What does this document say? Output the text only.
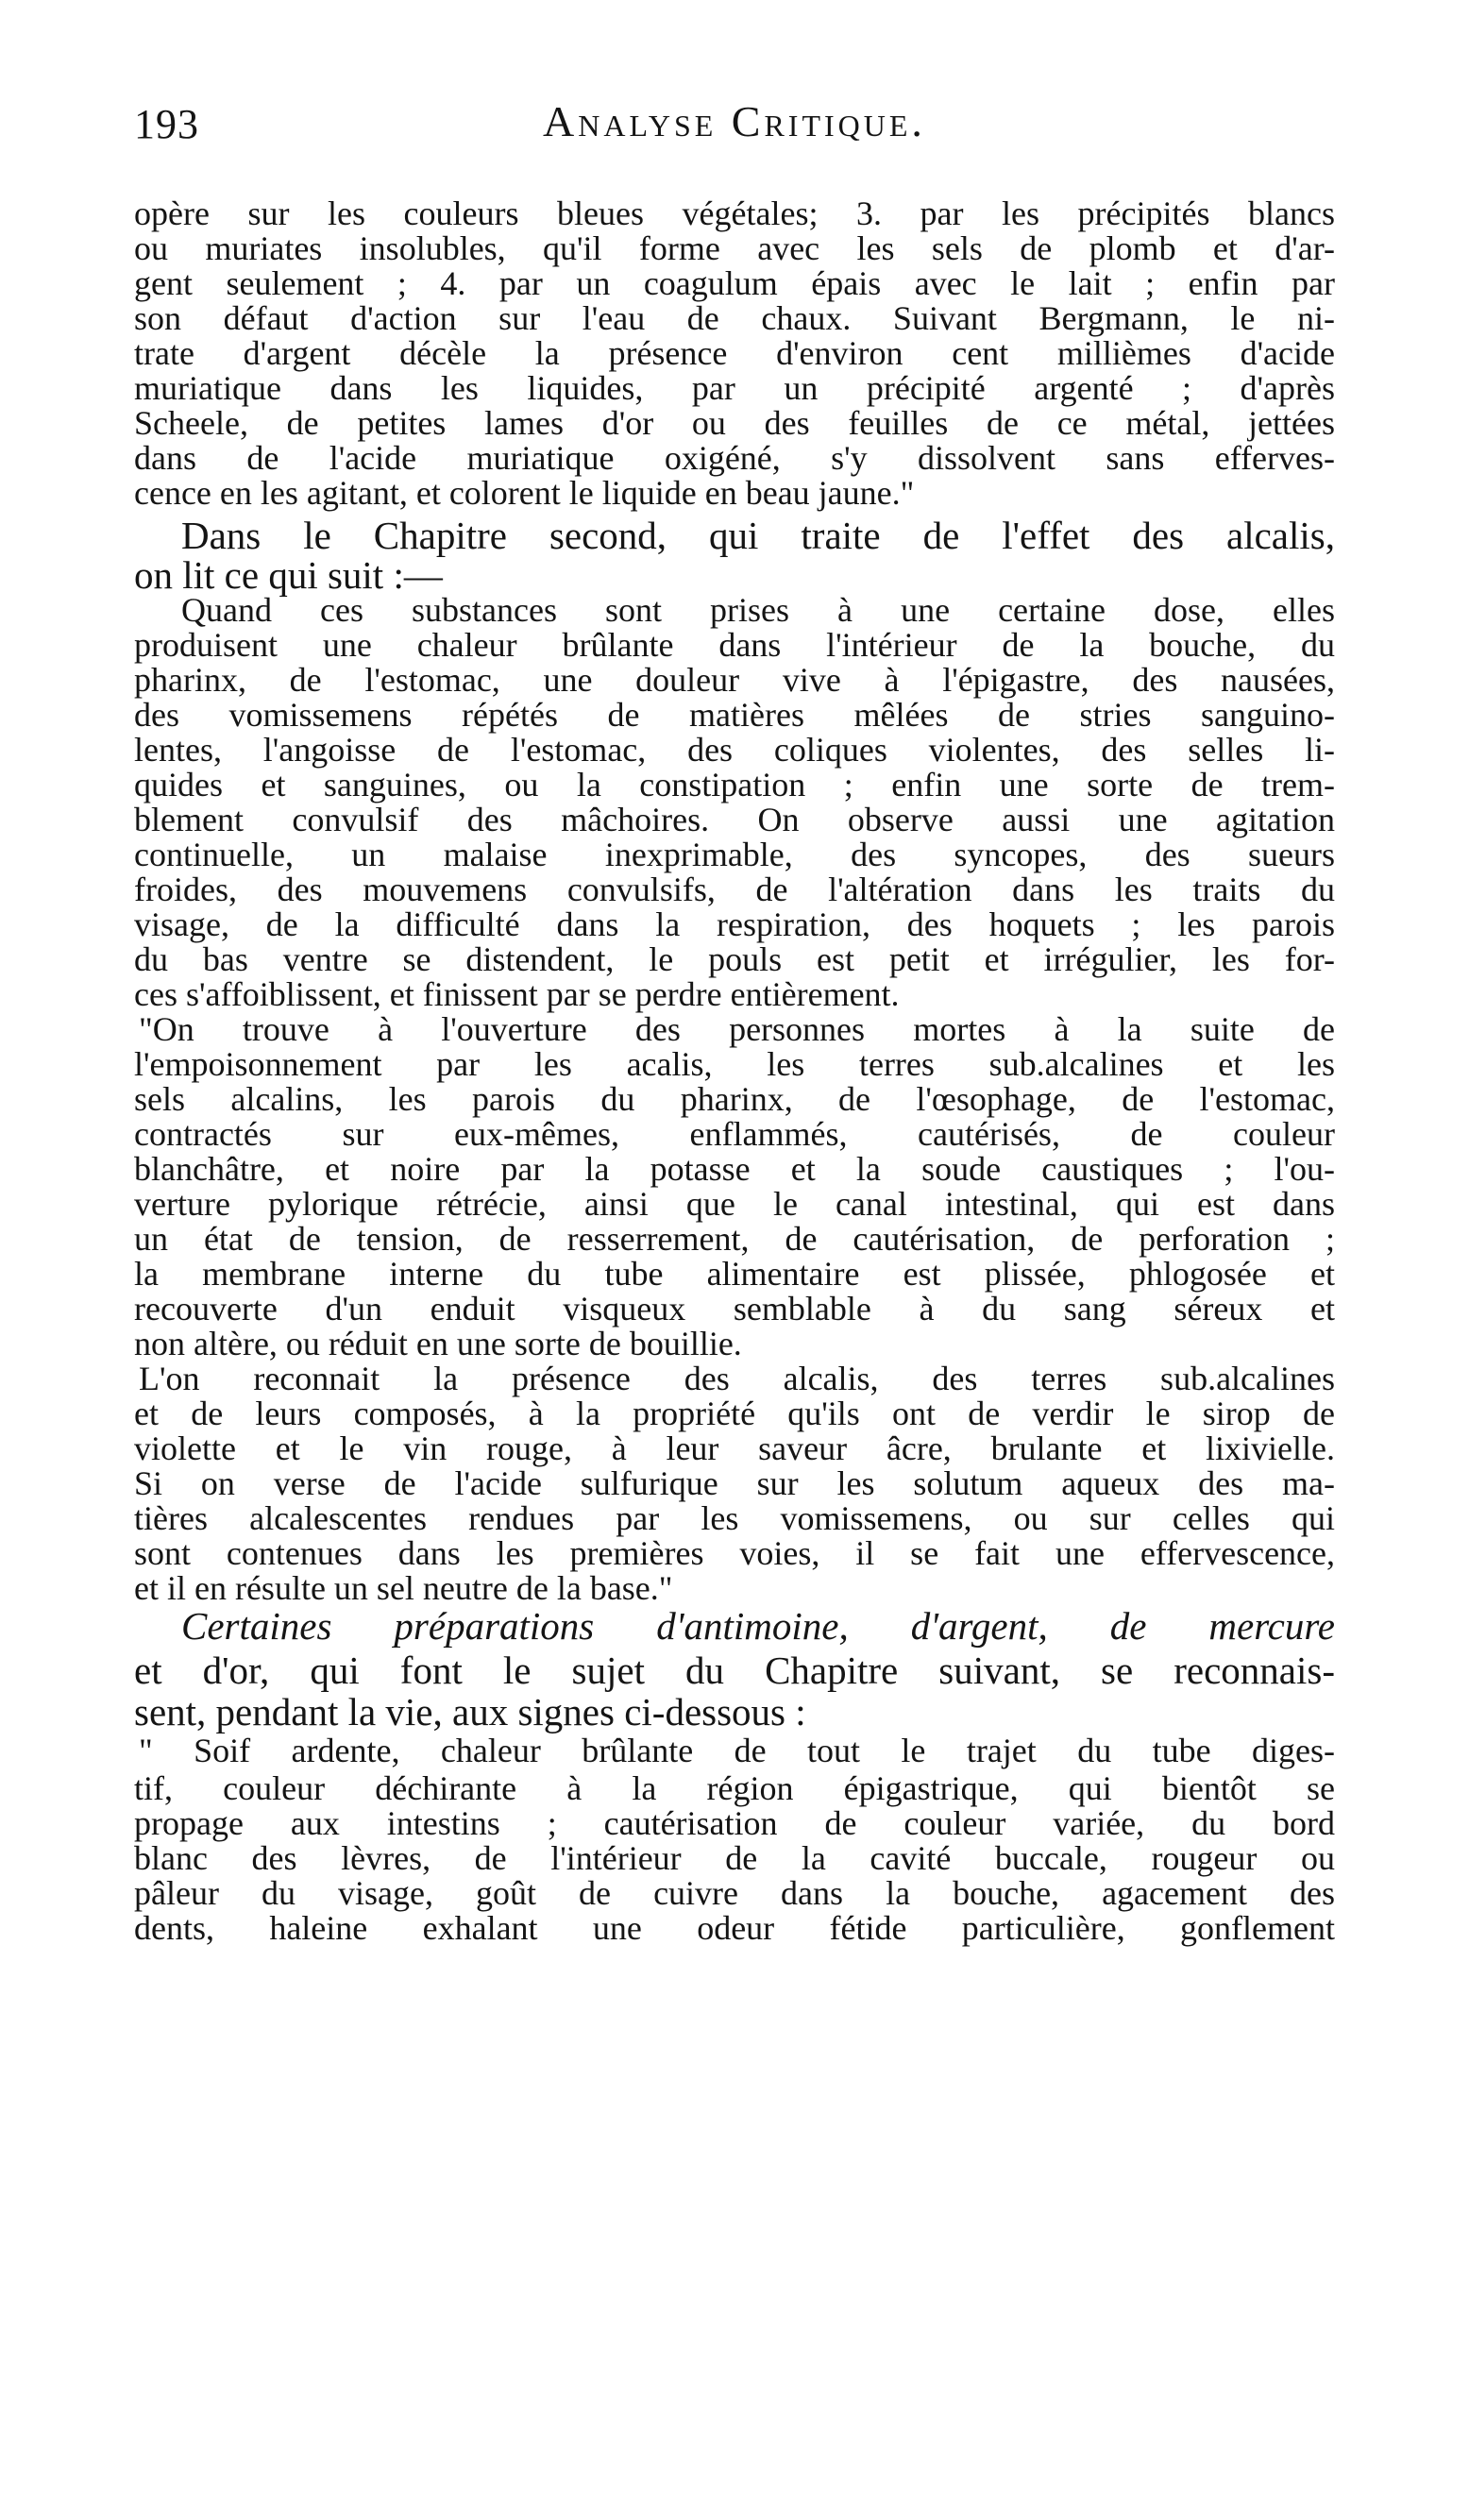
193	Analyse Critique.
opère sur les couleurs bleues végétales; 3. par les précipités blancs
ou muriates insolubles, qu'il forme avec les sels de plomb et d'ar-
gent seulement ; 4. par un coagulum épais avec le lait ; enfin par
son défaut d'action sur l'eau de chaux. Suivant Bergmann, le ni-
trate d'argent décèle la présence d'environ cent millièmes d'acide
muriatique dans les liquides, par un précipité argenté ; d'après
Scheele, de petites lames d'or ou des feuilles de ce métal, jettées
dans de l'acide muriatique oxigéné, s'y dissolvent sans efferves-
cence en les agitant, et colorent le liquide en beau jaune."
Dans le Chapitre second, qui traite de l'effet des alcalis,
on lit ce qui suit :—
Quand ces substances sont prises à une certaine dose, elles
produisent une chaleur brûlante dans l'intérieur de la bouche, du
pharinx, de l'estomac, une douleur vive à l'épigastre, des nausées,
des vomissemens répétés de matières mêlées de stries sanguino-
lentes, l'angoisse de l'estomac, des coliques violentes, des selles li-
quides et sanguines, ou la constipation ; enfin une sorte de trem-
blement convulsif des mâchoires. On observe aussi une agitation
continuelle, un malaise inexprimable, des syncopes, des sueurs
froides, des mouvemens convulsifs, de l'altération dans les traits du
visage, de la difficulté dans la respiration, des hoquets ; les parois
du bas ventre se distendent, le pouls est petit et irrégulier, les for-
ces s'affoiblissent, et finissent par se perdre entièrement.
"On trouve à l'ouverture des personnes mortes à la suite de
l'empoisonnement par les acalis, les terres sub.alcalines et les
sels alcalins, les parois du pharinx, de l'œsophage, de l'estomac,
contractés sur eux-mêmes, enflammés, cautérisés, de couleur
blanchâtre, et noire par la potasse et la soude caustiques ; l'ou-
verture pylorique rétrécie, ainsi que le canal intestinal, qui est dans
un état de tension, de resserrement, de cautérisation, de perforation ;
la membrane interne du tube alimentaire est plissée, phlogosée et
recouverte d'un enduit visqueux semblable à du sang séreux et
non altère, ou réduit en une sorte de bouillie.
L'on reconnait la présence des alcalis, des terres sub.alcalines
et de leurs composés, à la propriété qu'ils ont de verdir le sirop de
violette et le vin rouge, à leur saveur âcre, brulante et lixivielle.
Si on verse de l'acide sulfurique sur les solutum aqueux des ma-
tières alcalescentes rendues par les vomissemens, ou sur celles qui
sont contenues dans les premières voies, il se fait une effervescence,
et il en résulte un sel neutre de la base."
Certaines préparations d'antimoine, d'argent, de mercure
et d'or, qui font le sujet du Chapitre suivant, se reconnais-
sent, pendant la vie, aux signes ci-dessous :
" Soif ardente, chaleur brûlante de tout le trajet du tube diges-
tif, couleur déchirante à la région épigastrique, qui bientôt se
propage aux intestins ; cautérisation de couleur variée, du bord
blanc des lèvres, de l'intérieur de la cavité buccale, rougeur ou
pâleur du visage, goût de cuivre dans la bouche, agacement des
dents, haleine exhalant une odeur fétide particulière, gonflement
